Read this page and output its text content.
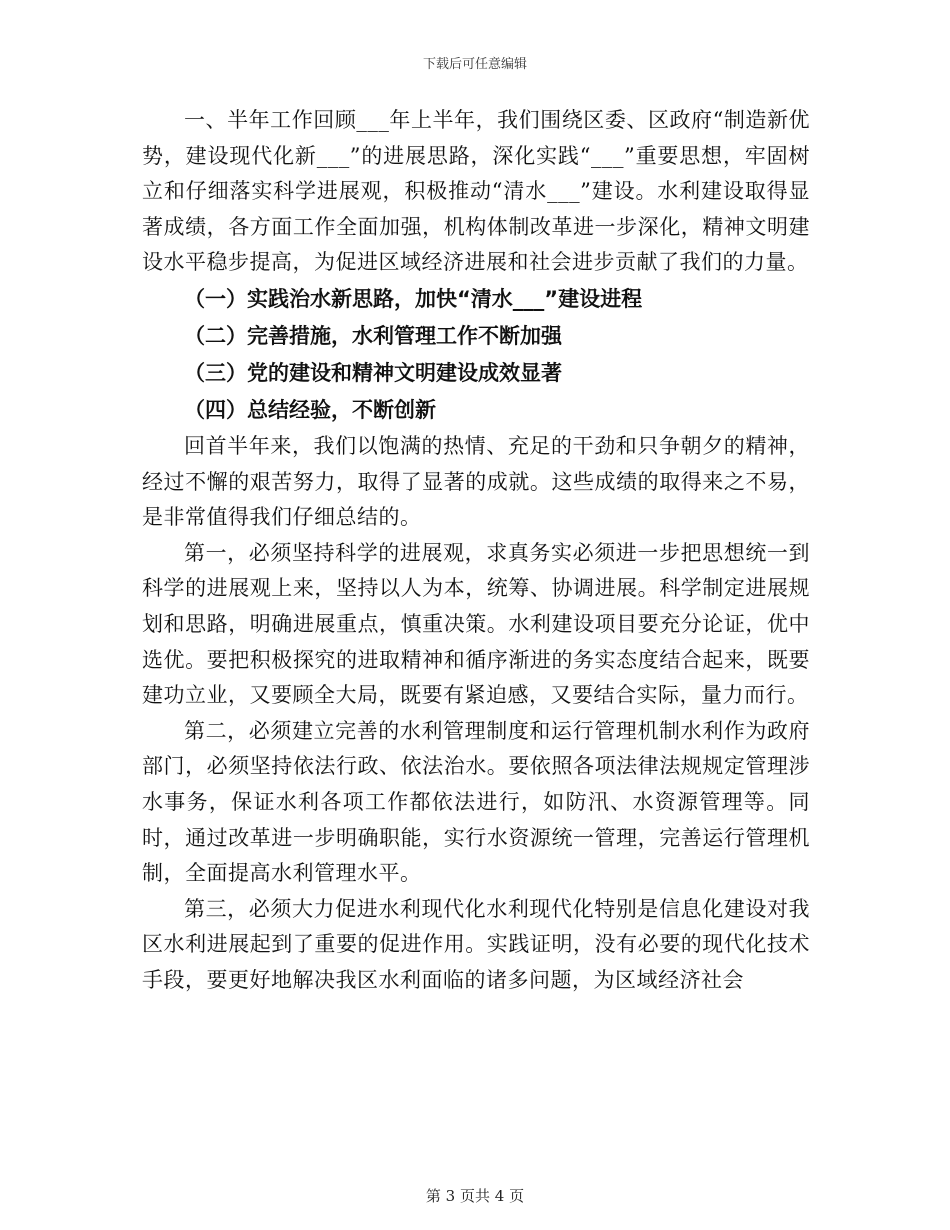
下载后可任意编辑

一、半年工作回顾___年上半年，我们围绕区委、区政府“制造新优势，建设现代化新___”的进展思路，深化实践“___”重要思想，牢固树立和仔细落实科学进展观，积极推动“清水___”建设。水利建设取得显著成绩，各方面工作全面加强，机构体制改革进一步深化，精神文明建设水平稳步提高，为促进区域经济进展和社会进步贡献了我们的力量。

（一）实践治水新思路，加快“清水___”建设进程

（二）完善措施，水利管理工作不断加强

（三）党的建设和精神文明建设成效显著

（四）总结经验，不断创新

回首半年来，我们以饱满的热情、充足的干劲和只争朝夕的精神，经过不懈的艰苦努力，取得了显著的成就。这些成绩的取得来之不易，是非常值得我们仔细总结的。

第一，必须坚持科学的进展观，求真务实必须进一步把思想统一到科学的进展观上来，坚持以人为本，统筹、协调进展。科学制定进展规划和思路，明确进展重点，慎重决策。水利建设项目要充分论证，优中选优。要把积极探究的进取精神和循序渐进的务实态度结合起来，既要建功立业，又要顾全大局，既要有紧迫感，又要结合实际，量力而行。

第二，必须建立完善的水利管理制度和运行管理机制水利作为政府部门，必须坚持依法行政、依法治水。要依照各项法律法规规定管理涉水事务，保证水利各项工作都依法进行，如防汛、水资源管理等。同时，通过改革进一步明确职能，实行水资源统一管理，完善运行管理机制，全面提高水利管理水平。

第三，必须大力促进水利现代化水利现代化特别是信息化建设对我区水利进展起到了重要的促进作用。实践证明，没有必要的现代化技术手段，要更好地解决我区水利面临的诸多问题，为区域经济社会

第 3 页共 4 页
